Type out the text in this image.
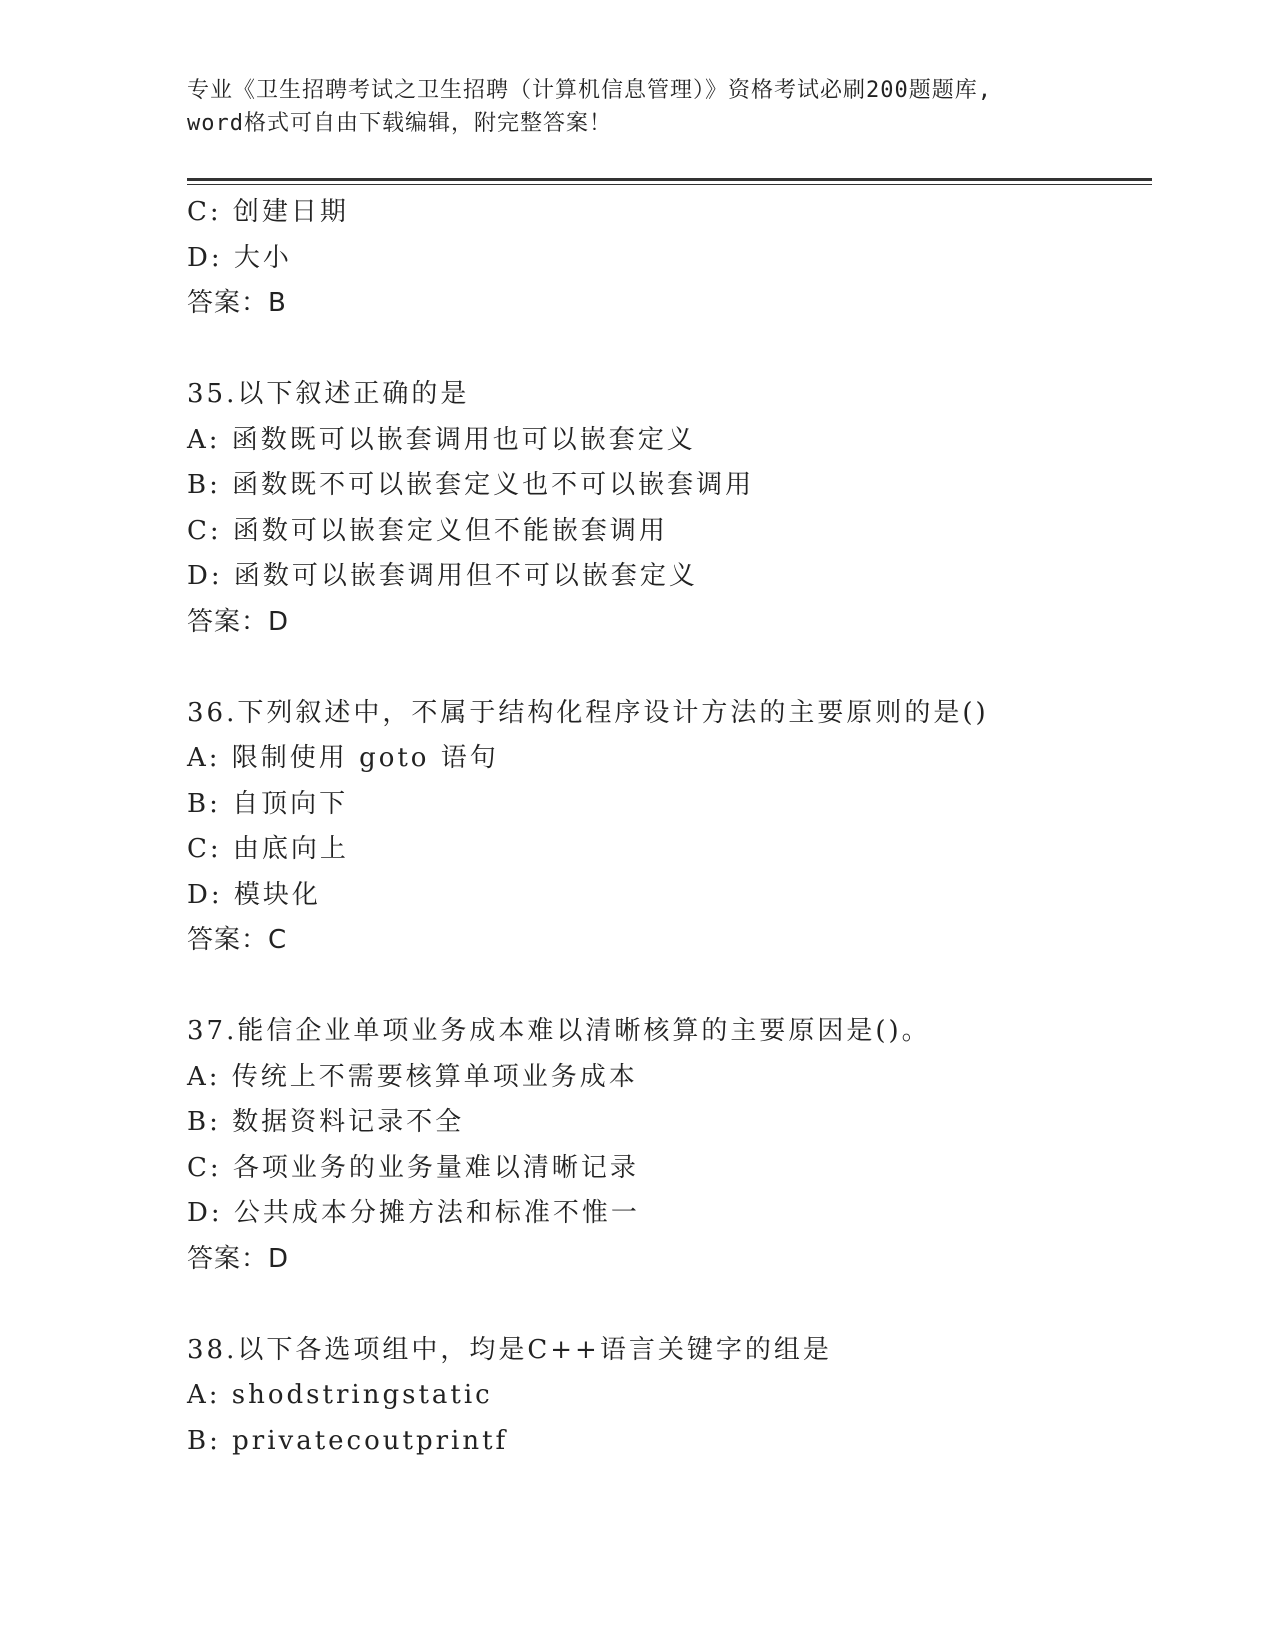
专业《卫生招聘考试之卫生招聘（计算机信息管理）》资格考试必刷200题题库,
word格式可自由下载编辑，附完整答案！
C: 创建日期
D: 大小
答案：B
35.以下叙述正确的是
A: 函数既可以嵌套调用也可以嵌套定义
B: 函数既不可以嵌套定义也不可以嵌套调用
C: 函数可以嵌套定义但不能嵌套调用
D: 函数可以嵌套调用但不可以嵌套定义
答案：D
36.下列叙述中，不属于结构化程序设计方法的主要原则的是()
A: 限制使用 goto 语句
B: 自顶向下
C: 由底向上
D: 模块化
答案：C
37.能信企业单项业务成本难以清晰核算的主要原因是()。
A: 传统上不需要核算单项业务成本
B: 数据资料记录不全
C: 各项业务的业务量难以清晰记录
D: 公共成本分摊方法和标准不惟一
答案：D
38.以下各选项组中，均是C++语言关键字的组是
A: shodstringstatic
B: privatecoutprintf
